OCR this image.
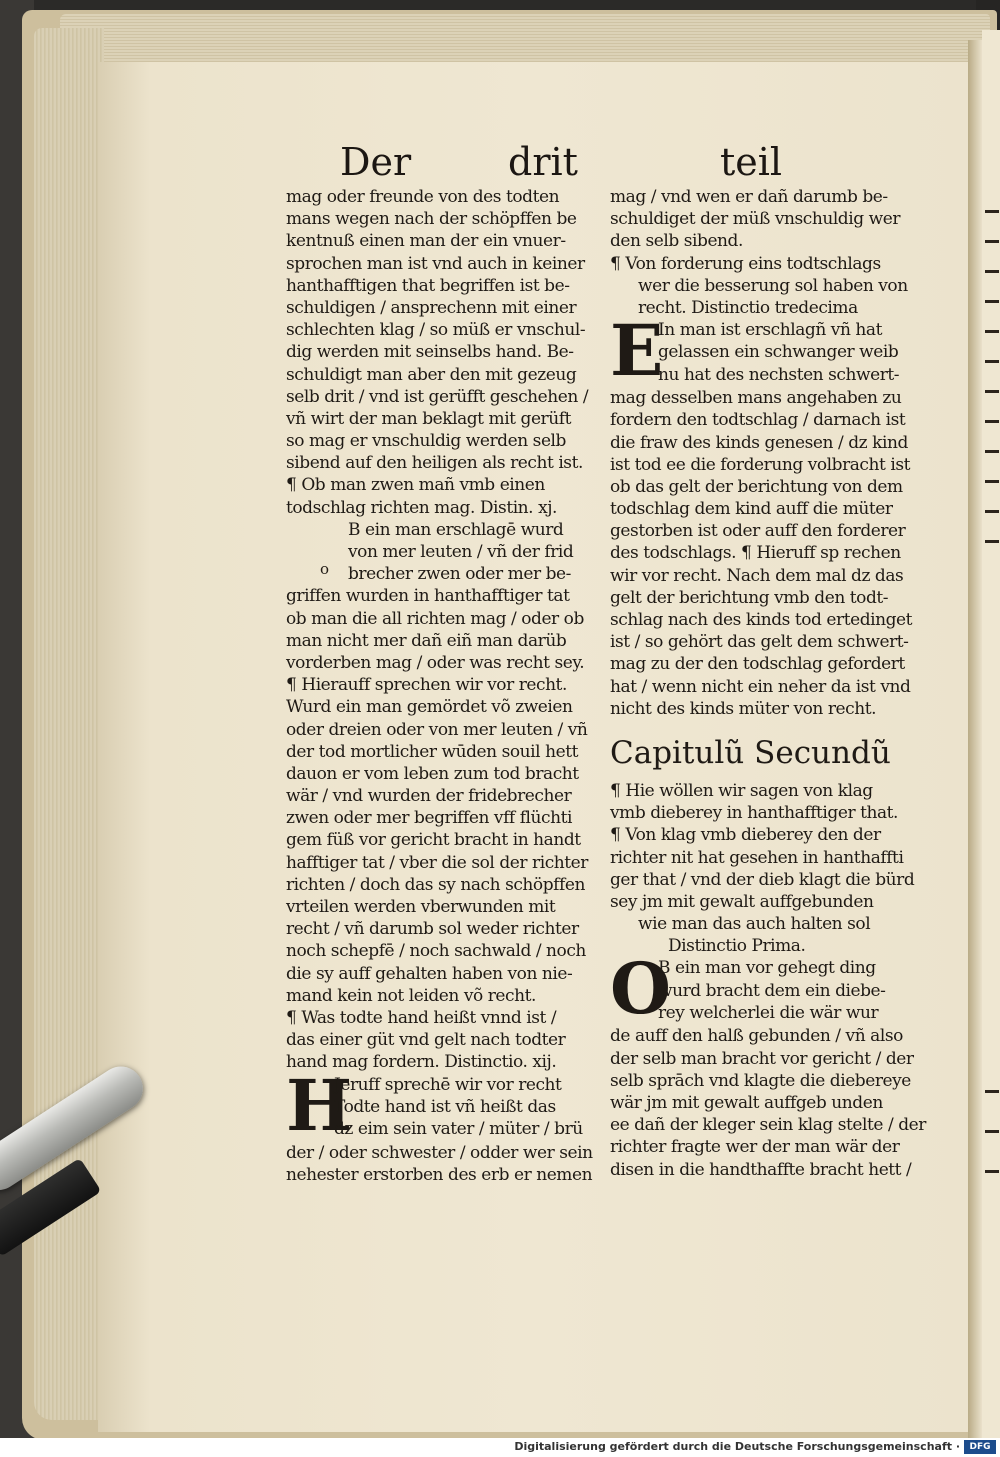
Der	drit	teil
o
mag oder freunde von des todten
mans wegen nach der schöpffen be
kentnuß einen man der ein vnuer-
sprochen man ist vnd auch in keiner
hanthafftigen that begriffen ist be-
schuldigen / ansprechenn mit einer
schlechten klag / so müß er vnschul-
dig werden mit seinselbs hand. Be-
schuldigt man aber den mit gezeug
selb drit / vnd ist gerüfft geschehen /
vñ wirt der man beklagt mit gerüft
so mag er vnschuldig werden selb
sibend auf den heiligen als recht ist.
¶ Ob man zwen mañ vmb einen
todschlag richten mag. Distin. xj.
B ein man erschlagē wurd
von mer leuten / vñ der frid
brecher zwen oder mer be-
griffen wurden in hanthafftiger tat
ob man die all richten mag / oder ob
man nicht mer dañ eiñ man darüb
vorderben mag / oder was recht sey.
¶ Hierauff sprechen wir vor recht.
Wurd ein man gemördet võ zweien
oder dreien oder von mer leuten / vñ
der tod mortlicher wūden souil hett
dauon er vom leben zum tod bracht
wär / vnd wurden der fridebrecher
zwen oder mer begriffen vff flüchti
gem füß vor gericht bracht in handt
hafftiger tat / vber die sol der richter
richten / doch das sy nach schöpffen
vrteilen werden vberwunden mit
recht / vñ darumb sol weder richter
noch schepfē / noch sachwald / noch
die sy auff gehalten haben von nie-
mand kein not leiden võ recht.
¶ Was todte hand heißt vnnd ist /
das einer güt vnd gelt nach todter
hand mag fordern. Distinctio. xij.
H
Jeruff sprechē wir vor recht
Todte hand ist vñ heißt das
dz eim sein vater / müter / brü
der / oder schwester / odder wer sein
nehester erstorben des erb er nemen
mag / vnd wen er dañ darumb be-
schuldiget der müß vnschuldig wer
den selb sibend.
¶ Von forderung eins todtschlags
wer die besserung sol haben von
recht. Distinctio tredecima
E
In man ist erschlagñ vñ hat
gelassen ein schwanger weib
nu hat des nechsten schwert-
mag desselben mans angehaben zu
fordern den todtschlag / darnach ist
die fraw des kinds genesen / dz kind
ist tod ee die forderung volbracht ist
ob das gelt der berichtung von dem
todschlag dem kind auff die müter
gestorben ist oder auff den forderer
des todschlags. ¶ Hieruff sp rechen
wir vor recht. Nach dem mal dz das
gelt der berichtung vmb den todt-
schlag nach des kinds tod ertedinget
ist / so gehört das gelt dem schwert-
mag zu der den todschlag gefordert
hat / wenn nicht ein neher da ist vnd
nicht des kinds müter von recht.
Capitulũ Secundũ
¶ Hie wöllen wir sagen von klag
vmb dieberey in hanthafftiger that.
¶ Von klag vmb dieberey den der
richter nit hat gesehen in hanthaffti
ger that / vnd der dieb klagt die bürd
sey jm mit gewalt auffgebunden
wie man das auch halten sol
Distinctio Prima.
O
B ein man vor gehegt ding
wurd bracht dem ein diebe-
rey welcherlei die wär wur
de auff den halß gebunden / vñ also
der selb man bracht vor gericht / der
selb sprāch vnd klagte die diebereye
wär jm mit gewalt auffgeb unden
ee dañ der kleger sein klag stelte / der
richter fragte wer der man wär der
disen in die handthaffte bracht hett /
Digitalisierung gefördert durch die Deutsche Forschungsgemeinschaft ·	DFG
